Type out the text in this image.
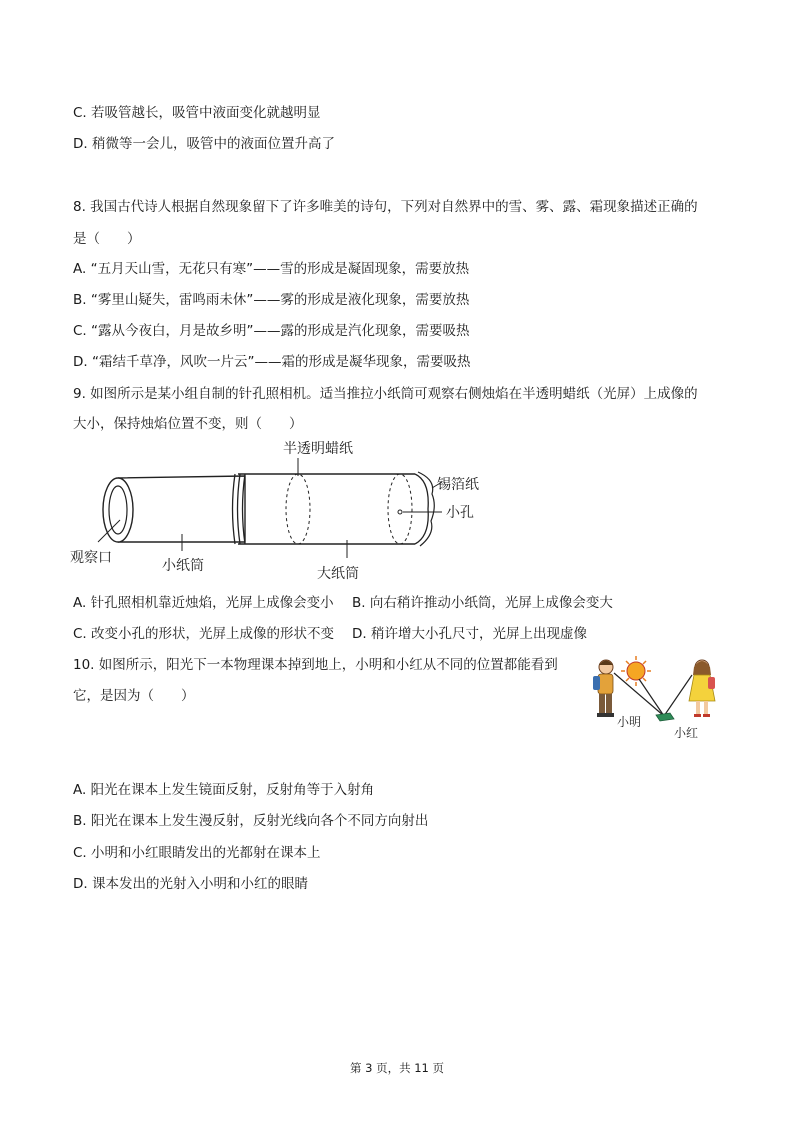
C. 若吸管越长，吸管中液面变化就越明显
D. 稍微等一会儿，吸管中的液面位置升高了
8. 我国古代诗人根据自然现象留下了许多唯美的诗句，下列对自然界中的雪、雾、露、霜现象描述正确的
是（　　）
A. “五月天山雪，无花只有寒”——雪的形成是凝固现象，需要放热
B. “雾里山疑失，雷鸣雨未休”——雾的形成是液化现象，需要放热
C. “露从今夜白，月是故乡明”——露的形成是汽化现象，需要吸热
D. “霜结千草净，风吹一片云”——霜的形成是凝华现象，需要吸热
9. 如图所示是某小组自制的针孔照相机。适当推拉小纸筒可观察右侧烛焰在半透明蜡纸（光屏）上成像的
大小，保持烛焰位置不变，则（　　）
半透明蜡纸
锡箔纸
小孔
观察口	小纸筒	大纸筒
A. 针孔照相机靠近烛焰，光屏上成像会变小 B. 向右稍许推动小纸筒，光屏上成像会变大
C. 改变小孔的形状，光屏上成像的形状不变 D. 稍许增大小孔尺寸，光屏上出现虚像
10. 如图所示，阳光下一本物理课本掉到地上，小明和小红从不同的位置都能看到
它，是因为（　　）
小明
小红
A. 阳光在课本上发生镜面反射，反射角等于入射角
B. 阳光在课本上发生漫反射，反射光线向各个不同方向射出
C. 小明和小红眼睛发出的光都射在课本上
D. 课本发出的光射入小明和小红的眼睛
第 3 页，共 11 页
